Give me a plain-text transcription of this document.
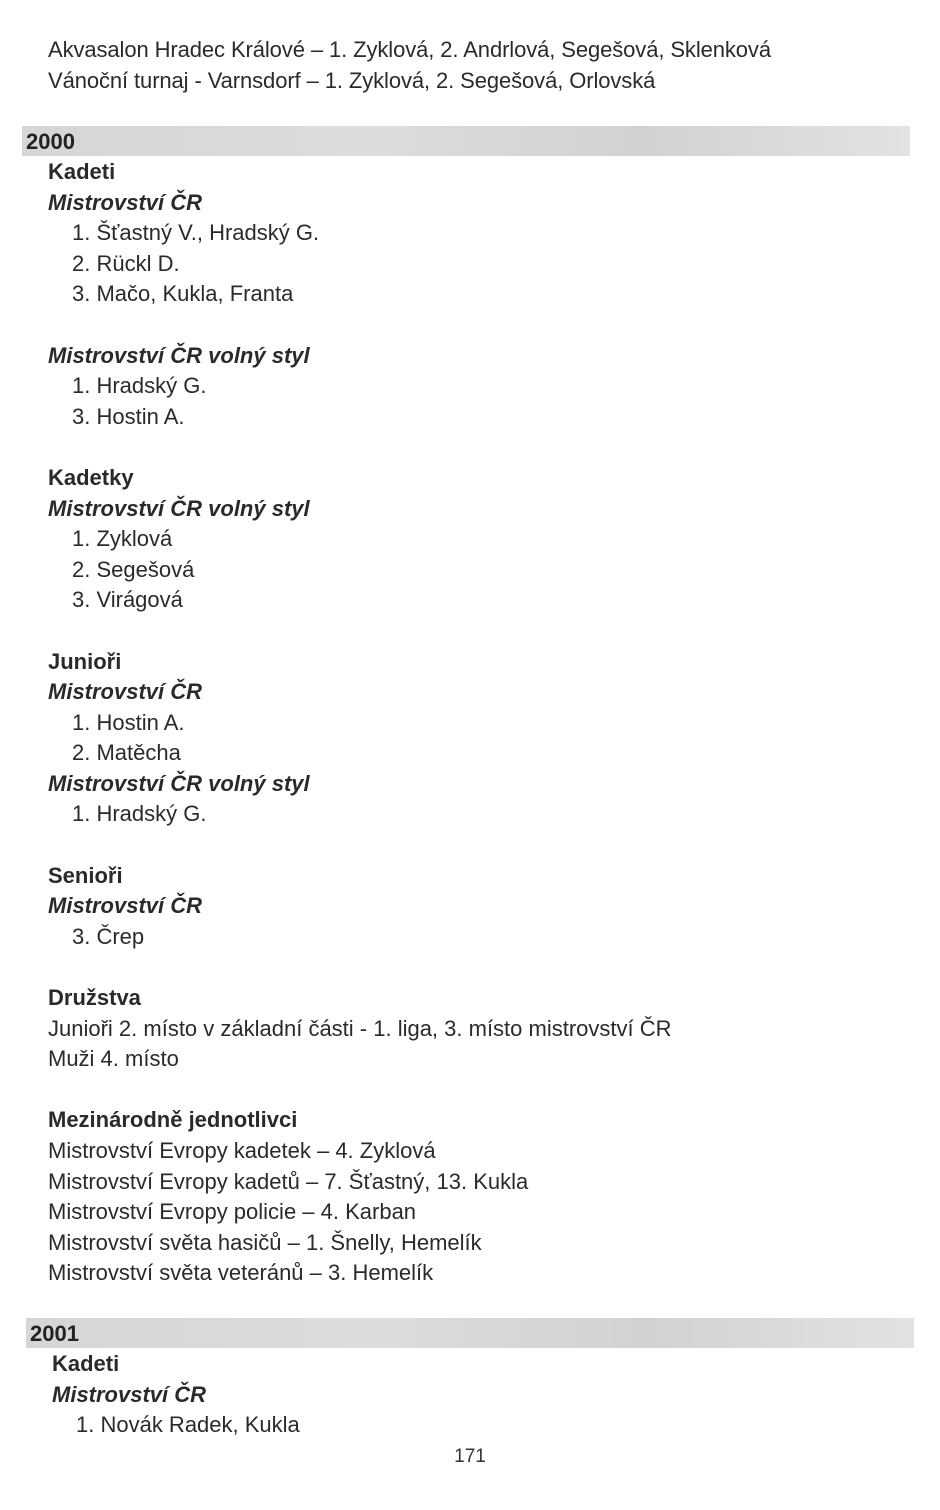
Akvasalon Hradec Králové – 1. Zyklová, 2. Andrlová, Segešová, Sklenková
Vánoční turnaj - Varnsdorf – 1. Zyklová, 2. Segešová, Orlovská
2000
Kadeti
Mistrovství ČR
1. Šťastný V., Hradský G.
2. Rückl D.
3. Mačo, Kukla, Franta
Mistrovství ČR volný styl
1. Hradský G.
3. Hostin A.
Kadetky
Mistrovství ČR volný styl
1. Zyklová
2. Segešová
3. Virágová
Junioři
Mistrovství ČR
1. Hostin A.
2. Matěcha
Mistrovství ČR volný styl
1. Hradský G.
Senioři
Mistrovství ČR
3. Črep
Družstva
Junioři 2. místo v základní části - 1. liga, 3. místo mistrovství ČR
Muži 4. místo
Mezinárodně jednotlivci
Mistrovství Evropy kadetek – 4. Zyklová
Mistrovství Evropy kadetů – 7. Šťastný, 13. Kukla
Mistrovství Evropy policie – 4. Karban
Mistrovství světa hasičů – 1. Šnelly, Hemelík
Mistrovství světa veteránů – 3. Hemelík
2001
Kadeti
Mistrovství ČR
1. Novák Radek, Kukla
171
